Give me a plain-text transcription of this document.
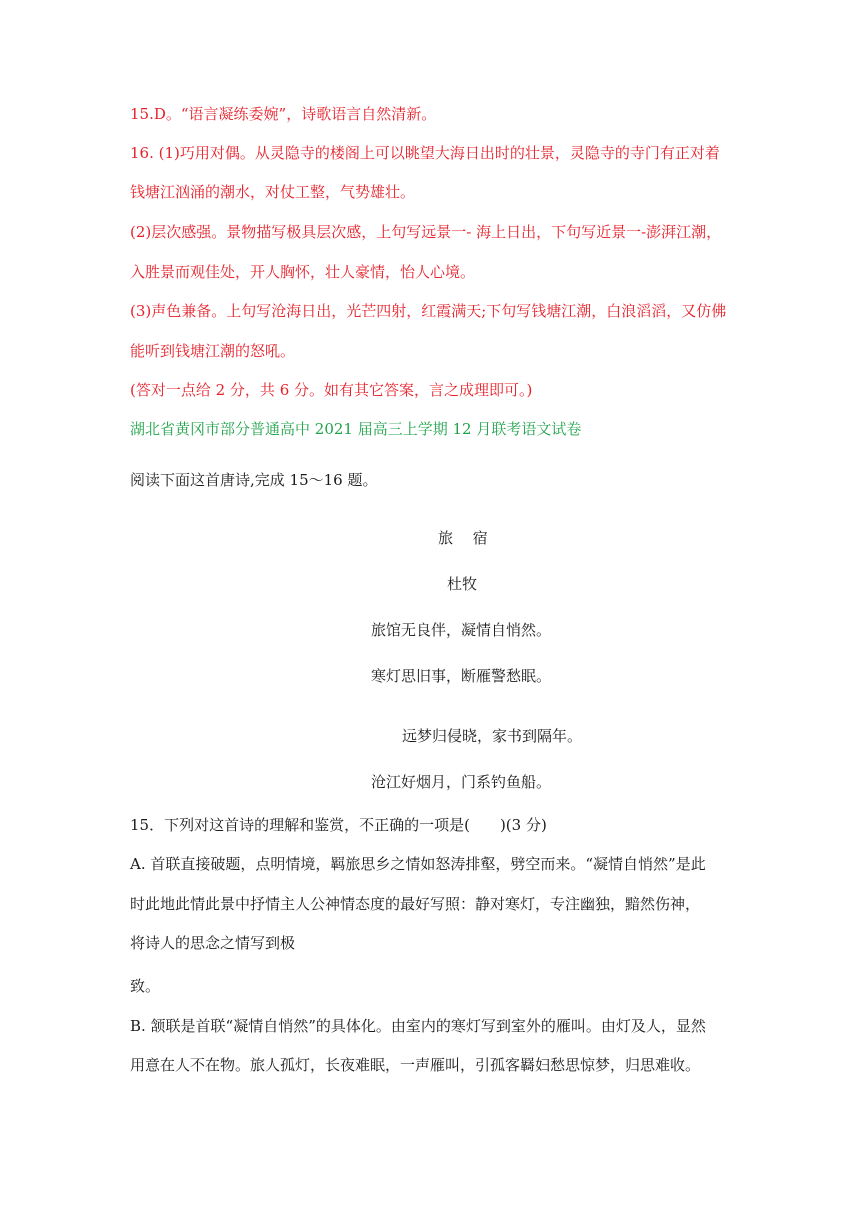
15.D。“语言凝练委婉”，诗歌语言自然清新。
16. (1)巧用对偶。从灵隐寺的楼阁上可以眺望大海日出时的壮景，灵隐寺的寺门有正对着
钱塘江汹涌的潮水，对仗工整，气势雄壮。
(2)层次感强。景物描写极具层次感，上句写远景一- 海上日出，下句写近景一-澎湃江潮，
入胜景而观佳处，开人胸怀，壮人豪情，怡人心境。
(3)声色兼备。上句写沧海日出，光芒四射，红霞满天;下句写钱塘江潮，白浪滔滔，又仿佛
能听到钱塘江潮的怒吼。
(答对一点给 2 分，共 6 分。如有其它答案，言之成理即可。)
湖北省黄冈市部分普通高中 2021 届高三上学期 12 月联考语文试卷
阅读下面这首唐诗,完成 15～16 题。
旅　 宿
杜牧
旅馆无良伴，凝情自悄然。
寒灯思旧事，断雁警愁眠。
远梦归侵晓，家书到隔年。
沧江好烟月，门系钓鱼船。
15．下列对这首诗的理解和鉴赏，不正确的一项是(　　)(3 分)
A. 首联直接破题，点明情境，羁旅思乡之情如怒涛排壑，劈空而来。“凝情自悄然”是此
时此地此情此景中抒情主人公神情态度的最好写照：静对寒灯，专注幽独，黯然伤神，
将诗人的思念之情写到极
致。
B. 颔联是首联“凝情自悄然”的具体化。由室内的寒灯写到室外的雁叫。由灯及人，显然
用意在人不在物。旅人孤灯，长夜难眠，一声雁叫，引孤客羇妇愁思惊梦，归思难收。
